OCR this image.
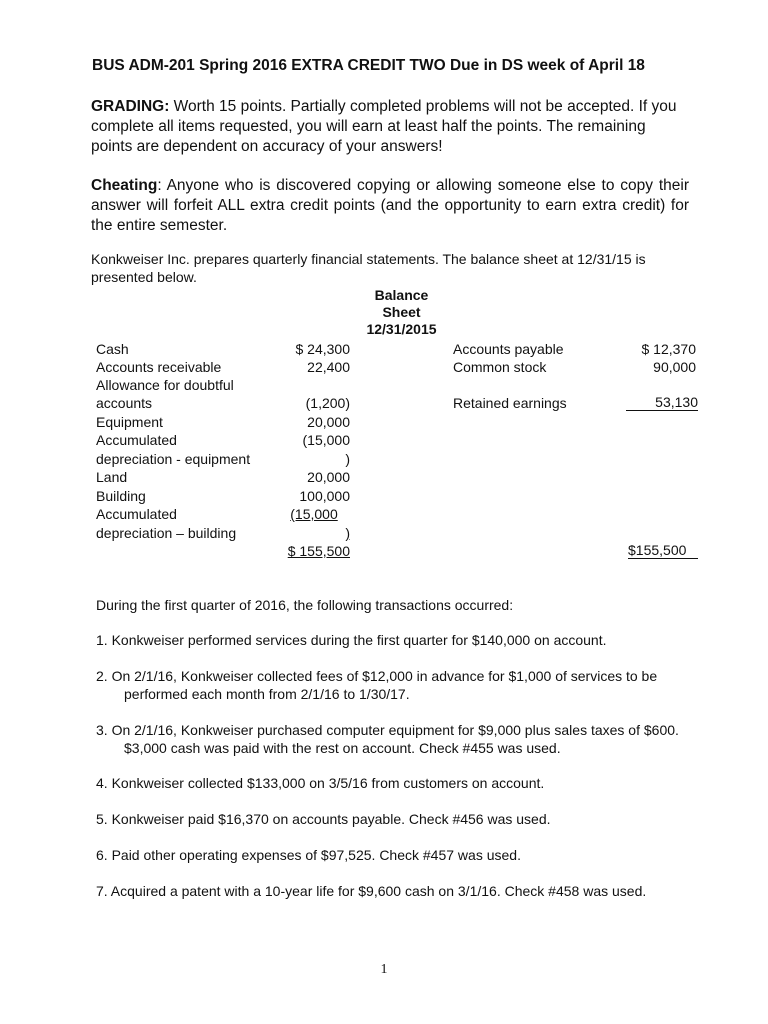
BUS ADM-201 Spring 2016 EXTRA CREDIT TWO Due in DS week of April 18
GRADING: Worth 15 points. Partially completed problems will not be accepted. If you complete all items requested, you will earn at least half the points. The remaining points are dependent on accuracy of your answers!
Cheating: Anyone who is discovered copying or allowing someone else to copy their answer will forfeit ALL extra credit points (and the opportunity to earn extra credit) for the entire semester.
Konkweiser Inc. prepares quarterly financial statements. The balance sheet at 12/31/15 is presented below.
Balance
Sheet
12/31/2015
Cash
Accounts receivable
Allowance for doubtful
accounts
Equipment
Accumulated
depreciation - equipment
Land
Building
Accumulated
depreciation – building
$ 24,300
22,400
(1,200)
20,000
(15,000
)
20,000
100,000
(15,000
)
$ 155,500
Accounts payable
Common stock
Retained earnings
$ 12,370
90,000
53,130
$155,500
During the first quarter of 2016, the following transactions occurred:
1. Konkweiser performed services during the first quarter for $140,000 on account.
2. On 2/1/16, Konkweiser collected fees of $12,000 in advance for $1,000 of services to be
performed each month from 2/1/16 to 1/30/17.
3. On 2/1/16, Konkweiser purchased computer equipment for $9,000 plus sales taxes of $600.
$3,000 cash was paid with the rest on account. Check #455 was used.
4. Konkweiser collected $133,000 on 3/5/16 from customers on account.
5. Konkweiser paid $16,370 on accounts payable. Check #456 was used.
6. Paid other operating expenses of $97,525. Check #457 was used.
7. Acquired a patent with a 10-year life for $9,600 cash on 3/1/16. Check #458 was used.
1
